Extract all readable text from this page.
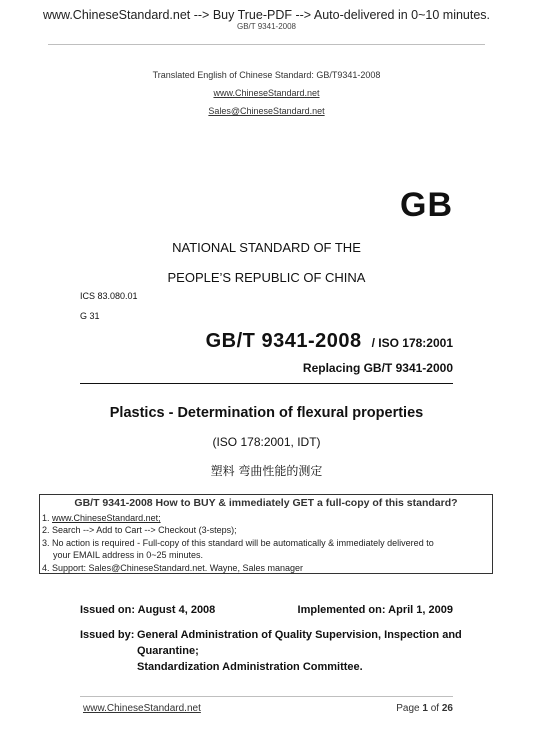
www.ChineseStandard.net --> Buy True-PDF --> Auto-delivered in 0~10 minutes.
GB/T 9341-2008
Translated English of Chinese Standard: GB/T9341-2008
www.ChineseStandard.net
Sales@ChineseStandard.net
GB
NATIONAL STANDARD OF THE
PEOPLE’S REPUBLIC OF CHINA
ICS 83.080.01
G 31
GB/T 9341-2008 / ISO 178:2001
Replacing GB/T 9341-2000
Plastics - Determination of flexural properties
(ISO 178:2001, IDT)
塑料 弯曲性能的测定
GB/T 9341-2008 How to BUY & immediately GET a full-copy of this standard?
1. www.ChineseStandard.net;
2. Search --> Add to Cart --> Checkout (3-steps);
3. No action is required - Full-copy of this standard will be automatically & immediately delivered to
your EMAIL address in 0~25 minutes.
4. Support: Sales@ChineseStandard.net. Wayne, Sales manager
Issued on: August 4, 2008	Implemented on: April 1, 2009
Issued by: General Administration of Quality Supervision, Inspection and Quarantine;
Standardization Administration Committee.
www.ChineseStandard.net	Page 1 of 26
